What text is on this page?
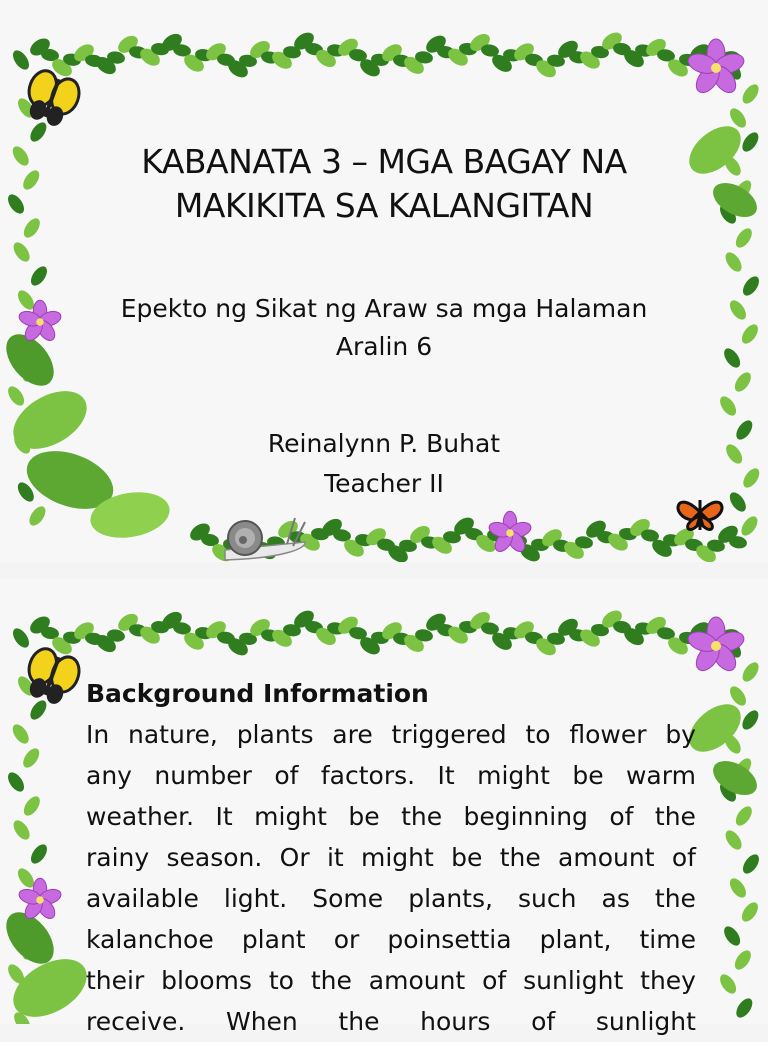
KABANATA 3 – MGA BAGAY NA
MAKIKITA SA KALANGITAN
Epekto ng Sikat ng Araw sa mga Halaman
Aralin 6
Reinalynn P. Buhat
Teacher II
Background Information
In nature, plants are triggered to flower by
any number of factors. It might be warm
weather. It might be the beginning of the
rainy season. Or it might be the amount of
available light. Some plants, such as the
kalanchoe plant or poinsettia plant, time
their blooms to the amount of sunlight they
receive. When the hours of sunlight
